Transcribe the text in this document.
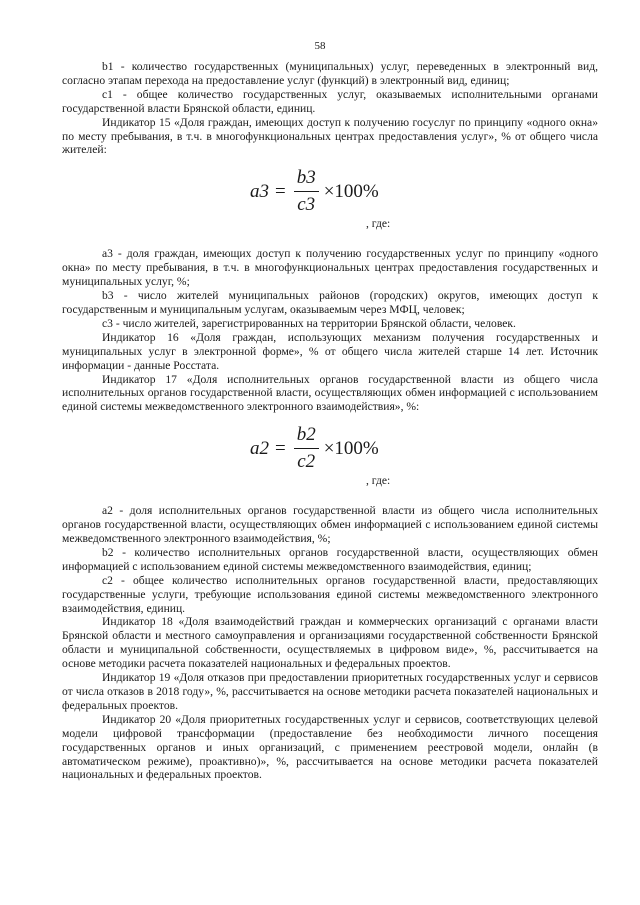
58

b1 - количество государственных (муниципальных) услуг, переведенных в электронный вид, согласно этапам перехода на предоставление услуг (функций) в электронный вид, единиц;

c1 - общее количество государственных услуг, оказываемых исполнительными органами государственной власти Брянской области, единиц.

Индикатор 15 «Доля граждан, имеющих доступ к получению госуслуг по принципу «одного окна» по месту пребывания, в т.ч. в многофункциональных центрах предоставления услуг», % от общего числа жителей:

$a3 = \frac{b3}{c3} \times 100\%$
, где:

a3 - доля граждан, имеющих доступ к получению государственных услуг по принципу «одного окна» по месту пребывания, в т.ч. в многофункциональных центрах предоставления государственных и муниципальных услуг, %;

b3 - число жителей муниципальных районов (городских) округов, имеющих доступ к государственным и муниципальным услугам, оказываемым через МФЦ, человек;

c3 - число жителей, зарегистрированных на территории Брянской области, человек.

Индикатор 16 «Доля граждан, использующих механизм получения государственных и муниципальных услуг в электронной форме», % от общего числа жителей старше 14 лет. Источник информации - данные Росстата.

Индикатор 17 «Доля исполнительных органов государственной власти из общего числа исполнительных органов государственной власти, осуществляющих обмен информацией с использованием единой системы межведомственного электронного взаимодействия», %:

$a2 = \frac{b2}{c2} \times 100\%$
, где:

a2 - доля исполнительных органов государственной власти из общего числа исполнительных органов государственной власти, осуществляющих обмен информацией с использованием единой системы межведомственного электронного взаимодействия, %;

b2 - количество исполнительных органов государственной власти, осуществляющих обмен информацией с использованием единой системы межведомственного взаимодействия, единиц;

c2 - общее количество исполнительных органов государственной власти, предоставляющих государственные услуги, требующие использования единой системы межведомственного электронного взаимодействия, единиц.

Индикатор 18 «Доля взаимодействий граждан и коммерческих организаций с органами власти Брянской области и местного самоуправления и организациями государственной собственности Брянской области и муниципальной собственности, осуществляемых в цифровом виде», %, рассчитывается на основе методики расчета показателей национальных и федеральных проектов.

Индикатор 19 «Доля отказов при предоставлении приоритетных государственных услуг и сервисов от числа отказов в 2018 году», %, рассчитывается на основе методики расчета показателей национальных и федеральных проектов.

Индикатор 20 «Доля приоритетных государственных услуг и сервисов, соответствующих целевой модели цифровой трансформации (предоставление без необходимости личного посещения государственных органов и иных организаций, с применением реестровой модели, онлайн (в автоматическом режиме), проактивно)», %, рассчитывается на основе методики расчета показателей национальных и федеральных проектов.
